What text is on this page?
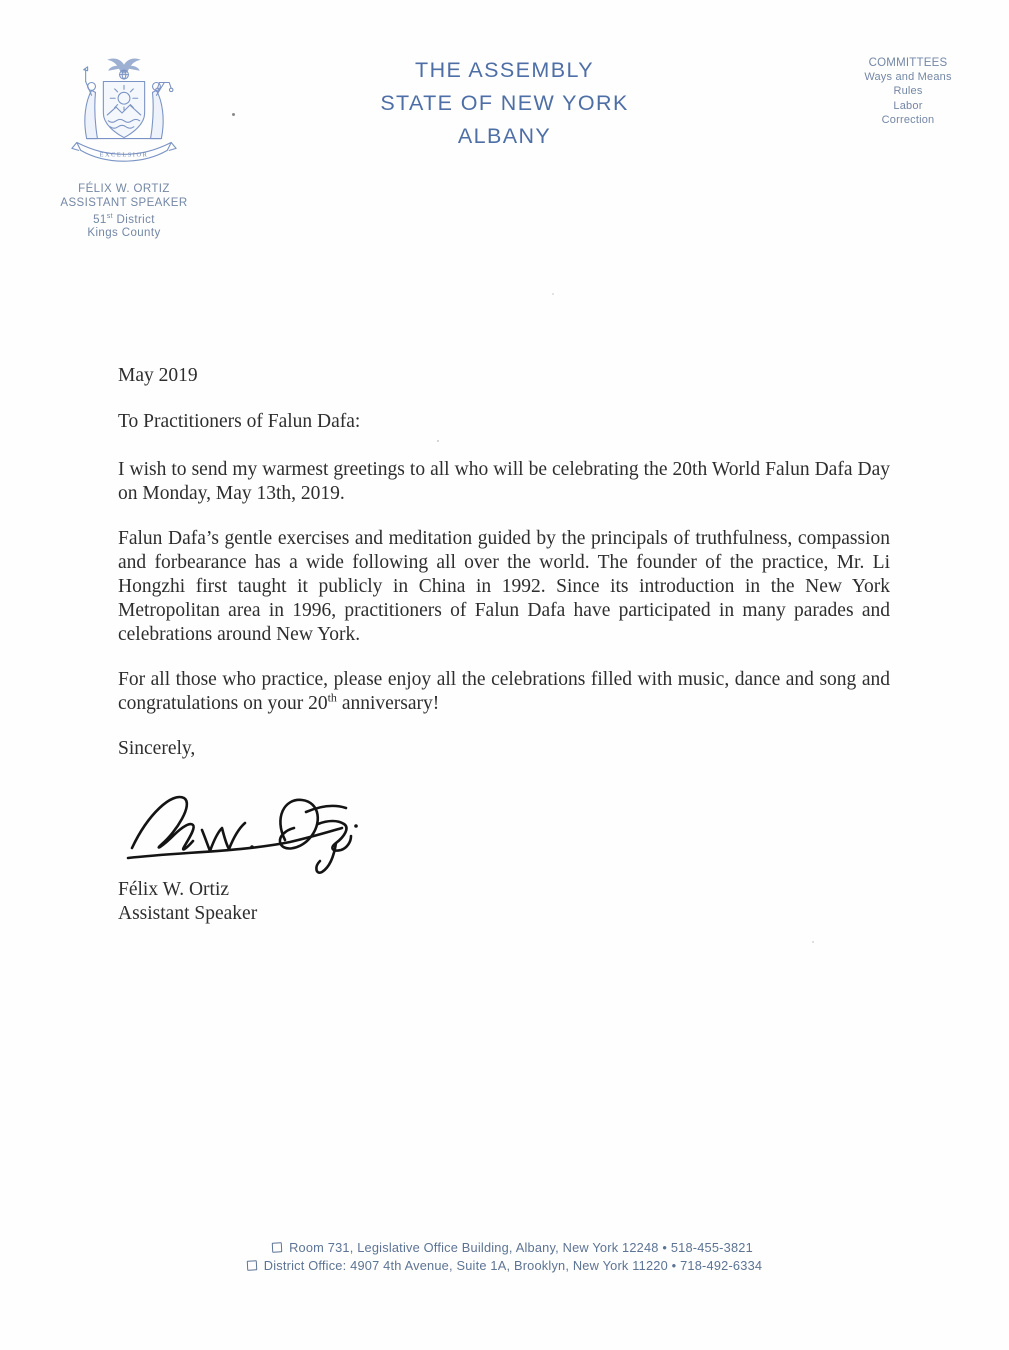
EXCELSIOR
FÉLIX W. ORTIZ
ASSISTANT SPEAKER
51st District
Kings County
THE ASSEMBLY
STATE OF NEW YORK
ALBANY
COMMITTEES
Ways and Means
Rules
Labor
Correction

May 2019

To Practitioners of Falun Dafa:

I wish to send my warmest greetings to all who will be celebrating the 20th World Falun Dafa Day on Monday, May 13th, 2019.

Falun Dafa’s gentle exercises and meditation guided by the principals of truthfulness, compassion and forbearance has a wide following all over the world. The founder of the practice, Mr. Li Hongzhi first taught it publicly in China in 1992. Since its introduction in the New York Metropolitan area in 1996, practitioners of Falun Dafa have participated in many parades and celebrations around New York.

For all those who practice, please enjoy all the celebrations filled with music, dance and song and congratulations on your 20th anniversary!

Sincerely,

Félix W. Ortiz

Assistant Speaker

Room 731, Legislative Office Building, Albany, New York 12248 • 518-455-3821
District Office: 4907 4th Avenue, Suite 1A, Brooklyn, New York 11220 • 718-492-6334
